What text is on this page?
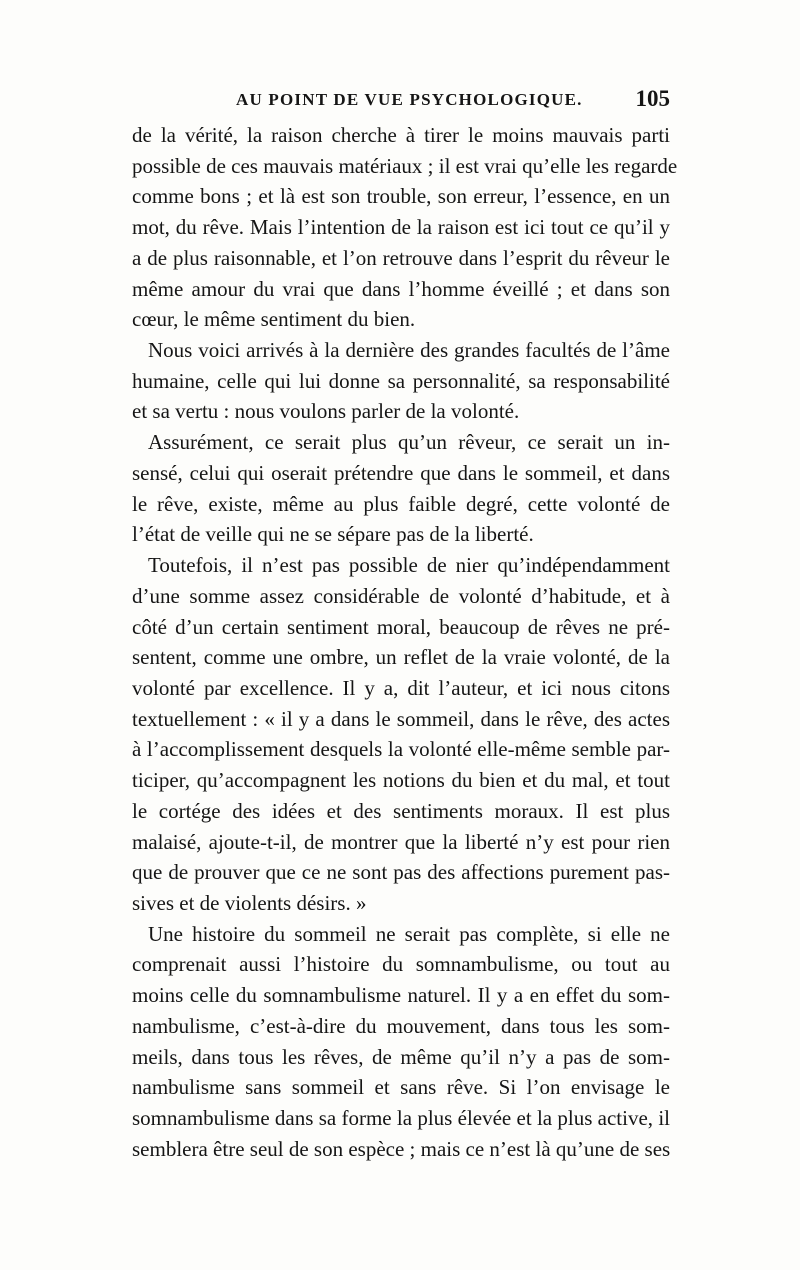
AU POINT DE VUE PSYCHOLOGIQUE. 105
de la vérité, la raison cherche à tirer le moins mauvais parti
possible de ces mauvais matériaux ; il est vrai qu’elle les regarde
comme bons ; et là est son trouble, son erreur, l’essence, en un
mot, du rêve. Mais l’intention de la raison est ici tout ce qu’il y
a de plus raisonnable, et l’on retrouve dans l’esprit du rêveur le
même amour du vrai que dans l’homme éveillé ; et dans son
cœur, le même sentiment du bien.
Nous voici arrivés à la dernière des grandes facultés de l’âme
humaine, celle qui lui donne sa personnalité, sa responsabilité
et sa vertu : nous voulons parler de la volonté.
Assurément, ce serait plus qu’un rêveur, ce serait un in-
sensé, celui qui oserait prétendre que dans le sommeil, et dans
le rêve, existe, même au plus faible degré, cette volonté de
l’état de veille qui ne se sépare pas de la liberté.
Toutefois, il n’est pas possible de nier qu’indépendamment
d’une somme assez considérable de volonté d’habitude, et à
côté d’un certain sentiment moral, beaucoup de rêves ne pré-
sentent, comme une ombre, un reflet de la vraie volonté, de la
volonté par excellence. Il y a, dit l’auteur, et ici nous citons
textuellement : « il y a dans le sommeil, dans le rêve, des actes
à l’accomplissement desquels la volonté elle-même semble par-
ticiper, qu’accompagnent les notions du bien et du mal, et tout
le cortége des idées et des sentiments moraux. Il est plus
malaisé, ajoute-t-il, de montrer que la liberté n’y est pour rien
que de prouver que ce ne sont pas des affections purement pas-
sives et de violents désirs. »
Une histoire du sommeil ne serait pas complète, si elle ne
comprenait aussi l’histoire du somnambulisme, ou tout au
moins celle du somnambulisme naturel. Il y a en effet du som-
nambulisme, c’est-à-dire du mouvement, dans tous les som-
meils, dans tous les rêves, de même qu’il n’y a pas de som-
nambulisme sans sommeil et sans rêve. Si l’on envisage le
somnambulisme dans sa forme la plus élevée et la plus active, il
semblera être seul de son espèce ; mais ce n’est là qu’une de ses
